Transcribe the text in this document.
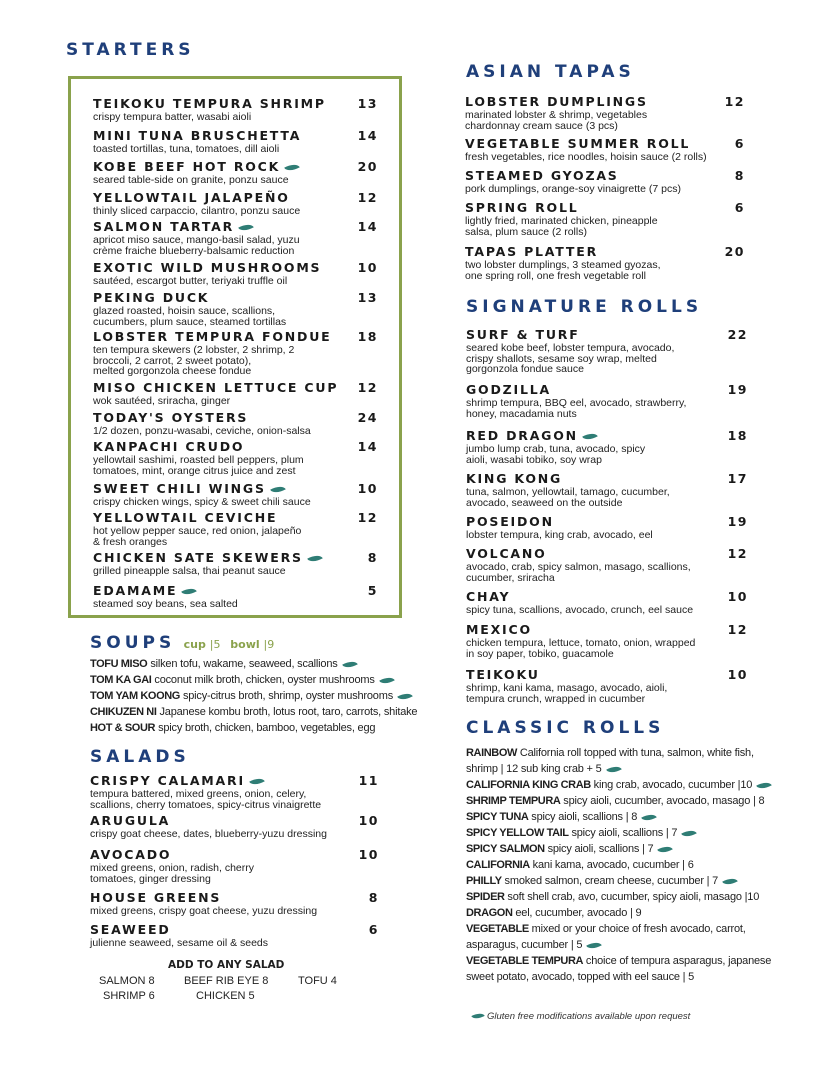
STARTERS
TEIKOKU TEMPURA SHRIMP
crispy tempura batter, wasabi aioli
13
MINI TUNA BRUSCHETTA
toasted tortillas, tuna, tomatoes, dill aioli
14
KOBE BEEF HOT ROCK
seared table-side on granite, ponzu sauce
20
YELLOWTAIL JALAPEÑO
thinly sliced carpaccio, cilantro, ponzu sauce
12
SALMON TARTAR
apricot miso sauce, mango-basil salad, yuzu
crème fraiche blueberry-balsamic reduction
14
EXOTIC WILD MUSHROOMS
sautéed, escargot butter, teriyaki truffle oil
10
PEKING DUCK
glazed roasted, hoisin sauce, scallions,
cucumbers, plum sauce, steamed tortillas
13
LOBSTER TEMPURA FONDUE
ten tempura skewers (2 lobster, 2 shrimp, 2
broccoli, 2 carrot, 2 sweet potato),
melted gorgonzola cheese fondue
18
MISO CHICKEN LETTUCE CUP
wok sautéed, sriracha, ginger
12
TODAY'S OYSTERS
1/2 dozen, ponzu-wasabi, ceviche, onion-salsa
24
KANPACHI CRUDO
yellowtail sashimi, roasted bell peppers, plum
tomatoes, mint, orange citrus juice and zest
14
SWEET CHILI WINGS
crispy chicken wings, spicy & sweet chili sauce
10
YELLOWTAIL CEVICHE
hot yellow pepper sauce, red onion, jalapeño
& fresh oranges
12
CHICKEN SATE SKEWERS
grilled pineapple salsa, thai peanut sauce
8
EDAMAME
steamed soy beans, sea salted
5
SOUPS cup |5 bowl |9
TOFU MISO silken tofu, wakame, seaweed, scallions
TOM KA GAI coconut milk broth, chicken, oyster mushrooms
TOM YAM KOONG spicy-citrus broth, shrimp, oyster mushrooms
CHIKUZEN NI Japanese kombu broth, lotus root, taro, carrots, shitake
HOT & SOUR spicy broth, chicken, bamboo, vegetables, egg
SALADS
CRISPY CALAMARI
tempura battered, mixed greens, onion, celery,
scallions, cherry tomatoes, spicy-citrus vinaigrette
11
ARUGULA
crispy goat cheese, dates, blueberry-yuzu dressing
10
AVOCADO
mixed greens, onion, radish, cherry
tomatoes, ginger dressing
10
HOUSE GREENS
mixed greens, crispy goat cheese, yuzu dressing
8
SEAWEED
julienne seaweed, sesame oil & seeds
6
ADD TO ANY SALAD
SALMON 8	BEEF RIB EYE 8	TOFU 4
SHRIMP 6	CHICKEN 5
ASIAN TAPAS
LOBSTER DUMPLINGS
marinated lobster & shrimp, vegetables
chardonnay cream sauce (3 pcs)
12
VEGETABLE SUMMER ROLL
fresh vegetables, rice noodles, hoisin sauce (2 rolls)
6
STEAMED GYOZAS
pork dumplings, orange-soy vinaigrette (7 pcs)
8
SPRING ROLL
lightly fried, marinated chicken, pineapple
salsa, plum sauce (2 rolls)
6
TAPAS PLATTER
two lobster dumplings, 3 steamed gyozas,
one spring roll, one fresh vegetable roll
20
SIGNATURE ROLLS
SURF & TURF
seared kobe beef, lobster tempura, avocado,
crispy shallots, sesame soy wrap, melted
gorgonzola fondue sauce
22
GODZILLA
shrimp tempura, BBQ eel, avocado, strawberry,
honey, macadamia nuts
19
RED DRAGON
jumbo lump crab, tuna, avocado, spicy
aioli, wasabi tobiko, soy wrap
18
KING KONG
tuna, salmon, yellowtail, tamago, cucumber,
avocado, seaweed on the outside
17
POSEIDON
lobster tempura, king crab, avocado, eel
19
VOLCANO
avocado, crab, spicy salmon, masago, scallions,
cucumber, sriracha
12
CHAY
spicy tuna, scallions, avocado, crunch, eel sauce
10
MEXICO
chicken tempura, lettuce, tomato, onion, wrapped
in soy paper, tobiko, guacamole
12
TEIKOKU
shrimp, kani kama, masago, avocado, aioli,
tempura crunch, wrapped in cucumber
10
CLASSIC ROLLS
RAINBOW California roll topped with tuna, salmon, white fish,
shrimp | 12 sub king crab + 5
CALIFORNIA KING CRAB king crab, avocado, cucumber |10
SHRIMP TEMPURA spicy aioli, cucumber, avocado, masago | 8
SPICY TUNA spicy aioli, scallions | 8
SPICY YELLOW TAIL spicy aioli, scallions | 7
SPICY SALMON spicy aioli, scallions | 7
CALIFORNIA kani kama, avocado, cucumber | 6
PHILLY smoked salmon, cream cheese, cucumber | 7
SPIDER soft shell crab, avo, cucumber, spicy aioli, masago |10
DRAGON eel, cucumber, avocado | 9
VEGETABLE mixed or your choice of fresh avocado, carrot,
asparagus, cucumber | 5
VEGETABLE TEMPURA choice of tempura asparagus, japanese
sweet potato, avocado, topped with eel sauce | 5
Gluten free modifications available upon request
